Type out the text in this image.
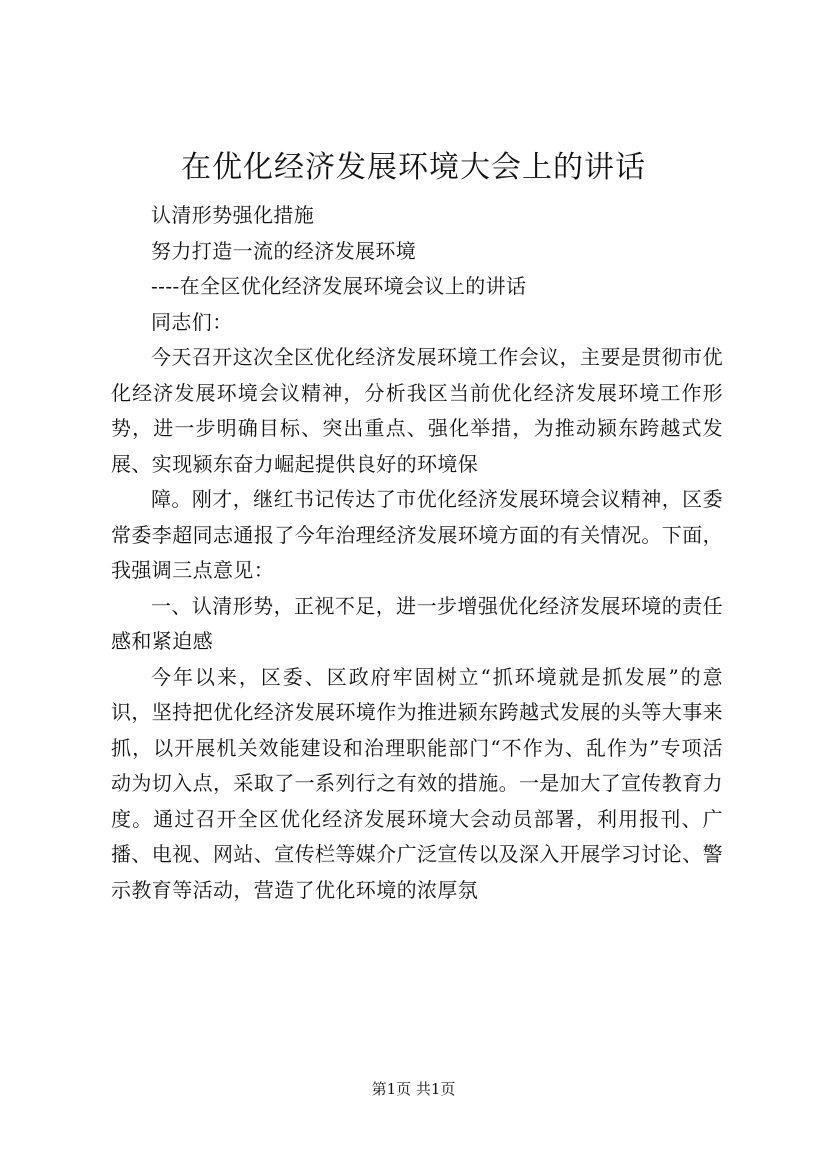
在优化经济发展环境大会上的讲话

认清形势强化措施

努力打造一流的经济发展环境

----在全区优化经济发展环境会议上的讲话

同志们：

今天召开这次全区优化经济发展环境工作会议，主要是贯彻市优化经济发展环境会议精神，分析我区当前优化经济发展环境工作形势，进一步明确目标、突出重点、强化举措，为推动颍东跨越式发展、实现颍东奋力崛起提供良好的环境保

障。刚才，继红书记传达了市优化经济发展环境会议精神，区委常委李超同志通报了今年治理经济发展环境方面的有关情况。下面，我强调三点意见：

一、认清形势，正视不足，进一步增强优化经济发展环境的责任感和紧迫感

今年以来，区委、区政府牢固树立“抓环境就是抓发展”的意识，坚持把优化经济发展环境作为推进颍东跨越式发展的头等大事来抓，以开展机关效能建设和治理职能部门“不作为、乱作为”专项活动为切入点，采取了一系列行之有效的措施。一是加大了宣传教育力度。通过召开全区优化经济发展环境大会动员部署，利用报刊、广播、电视、网站、宣传栏等媒介广泛宣传以及深入开展学习讨论、警示教育等活动，营造了优化环境的浓厚氛

第1页 共1页
